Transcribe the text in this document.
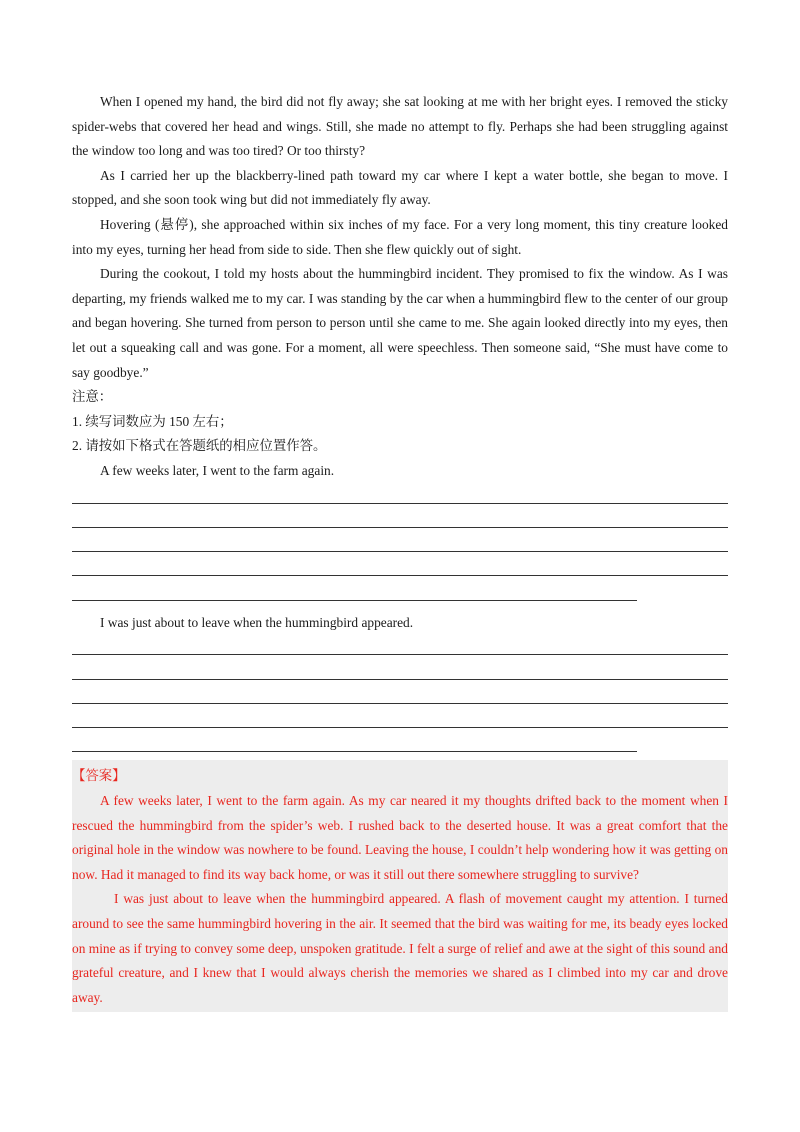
When I opened my hand, the bird did not fly away; she sat looking at me with her bright eyes. I removed the sticky spider-webs that covered her head and wings. Still, she made no attempt to fly. Perhaps she had been struggling against the window too long and was too tired? Or too thirsty?

As I carried her up the blackberry-lined path toward my car where I kept a water bottle, she began to move. I stopped, and she soon took wing but did not immediately fly away.

Hovering (悬停), she approached within six inches of my face. For a very long moment, this tiny creature looked into my eyes, turning her head from side to side. Then she flew quickly out of sight.

During the cookout, I told my hosts about the hummingbird incident. They promised to fix the window. As I was departing, my friends walked me to my car. I was standing by the car when a hummingbird flew to the center of our group and began hovering. She turned from person to person until she came to me. She again looked directly into my eyes, then let out a squeaking call and was gone. For a moment, all were speechless. Then someone said, “She must have come to say goodbye.”

注意：

1. 续写词数应为 150 左右；

2. 请按如下格式在答题纸的相应位置作答。

A few weeks later, I went to the farm again.

I was just about to leave when the hummingbird appeared.

【答案】

A few weeks later, I went to the farm again. As my car neared it my thoughts drifted back to the moment when I rescued the hummingbird from the spider’s web. I rushed back to the deserted house. It was a great comfort that the original hole in the window was nowhere to be found. Leaving the house, I couldn’t help wondering how it was getting on now. Had it managed to find its way back home, or was it still out there somewhere struggling to survive?

I was just about to leave when the hummingbird appeared. A flash of movement caught my attention. I turned around to see the same hummingbird hovering in the air. It seemed that the bird was waiting for me, its beady eyes locked on mine as if trying to convey some deep, unspoken gratitude. I felt a surge of relief and awe at the sight of this sound and grateful creature, and I knew that I would always cherish the memories we shared as I climbed into my car and drove away.
